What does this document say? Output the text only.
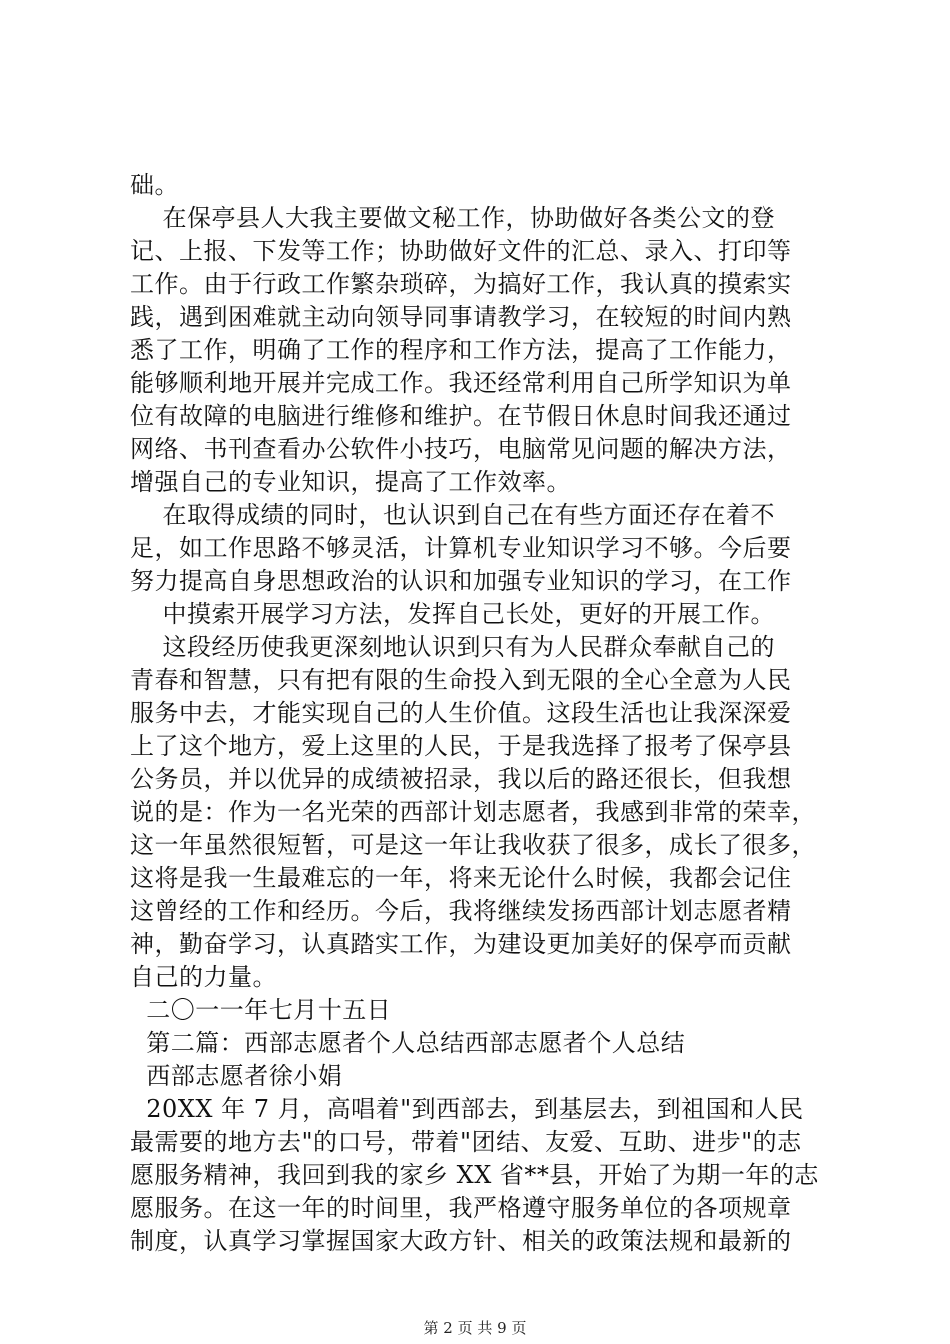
础。
在保亭县人大我主要做文秘工作，协助做好各类公文的登
记、上报、下发等工作；协助做好文件的汇总、录入、打印等
工作。由于行政工作繁杂琐碎，为搞好工作，我认真的摸索实
践，遇到困难就主动向领导同事请教学习，在较短的时间内熟
悉了工作，明确了工作的程序和工作方法，提高了工作能力，
能够顺利地开展并完成工作。我还经常利用自己所学知识为单
位有故障的电脑进行维修和维护。在节假日休息时间我还通过
网络、书刊查看办公软件小技巧，电脑常见问题的解决方法，
增强自己的专业知识，提高了工作效率。
在取得成绩的同时，也认识到自己在有些方面还存在着不
足，如工作思路不够灵活，计算机专业知识学习不够。今后要
努力提高自身思想政治的认识和加强专业知识的学习，在工作
中摸索开展学习方法，发挥自己长处，更好的开展工作。
这段经历使我更深刻地认识到只有为人民群众奉献自己的
青春和智慧，只有把有限的生命投入到无限的全心全意为人民
服务中去，才能实现自己的人生价值。这段生活也让我深深爱
上了这个地方，爱上这里的人民，于是我选择了报考了保亭县
公务员，并以优异的成绩被招录，我以后的路还很长，但我想
说的是：作为一名光荣的西部计划志愿者，我感到非常的荣幸，
这一年虽然很短暂，可是这一年让我收获了很多，成长了很多，
这将是我一生最难忘的一年，将来无论什么时候，我都会记住
这曾经的工作和经历。今后，我将继续发扬西部计划志愿者精
神，勤奋学习，认真踏实工作，为建设更加美好的保亭而贡献
自己的力量。
二〇一一年七月十五日
第二篇：西部志愿者个人总结西部志愿者个人总结
西部志愿者徐小娟
20XX 年 7 月，高唱着"到西部去，到基层去，到祖国和人民
最需要的地方去"的口号，带着"团结、友爱、互助、进步"的志
愿服务精神，我回到我的家乡 XX 省**县，开始了为期一年的志
愿服务。在这一年的时间里，我严格遵守服务单位的各项规章
制度，认真学习掌握国家大政方针、相关的政策法规和最新的
第 2 页 共 9 页
